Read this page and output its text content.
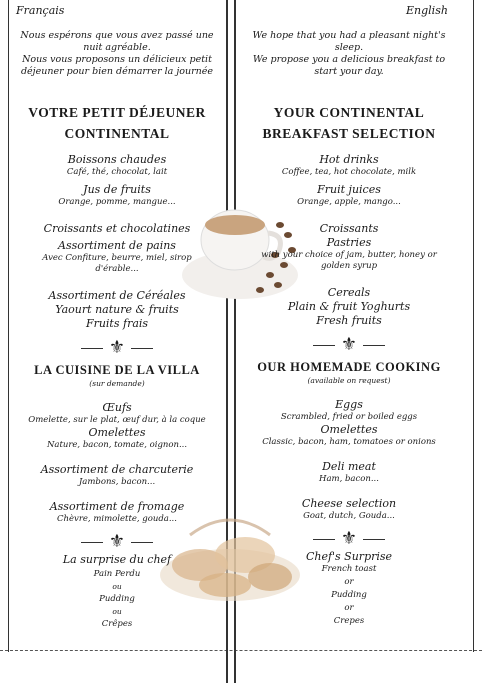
Français	English
Nous espérons que vous avez passé une
nuit agréable.
Nous vous proposons un délicieux petit
déjeuner pour bien démarrer la journée
VOTRE PETIT DÉJEUNER
CONTINENTAL
Boissons chaudes
Café, thé, chocolat, lait
Jus de fruits
Orange, pomme, mangue...
Croissants et chocolatines
Assortiment de pains
Avec Confiture, beurre, miel, sirop
d'érable...
Assortiment de Céréales
Yaourt nature & fruits
Fruits frais
⚜
LA CUISINE DE LA VILLA
(sur demande)
Œufs
Omelette, sur le plat, œuf dur, à la coque
Omelettes
Nature, bacon, tomate, oignon...
Assortiment de charcuterie
Jambons, bacon...
Assortiment de fromage
Chèvre, mimolette, gouda...
⚜
La surprise du chef
Pain Perdu
ou
Pudding
ou
Crêpes
We hope that you had a pleasant night's
sleep.
We propose you a delicious breakfast to
start your day.
YOUR CONTINENTAL
BREAKFAST SELECTION
Hot drinks
Coffee, tea, hot chocolate, milk
Fruit juices
Orange, apple, mango...
Croissants
Pastries
with your choice of jam, butter, honey or
golden syrup
Cereals
Plain & fruit Yoghurts
Fresh fruits
⚜
OUR HOMEMADE COOKING
(available on request)
Eggs
Scrambled, fried or boiled eggs
Omelettes
Classic, bacon, ham, tomatoes or onions
Deli meat
Ham, bacon...
Cheese selection
Goat, dutch, Gouda...
⚜
Chef's Surprise
French toast
or
Pudding
or
Crepes
